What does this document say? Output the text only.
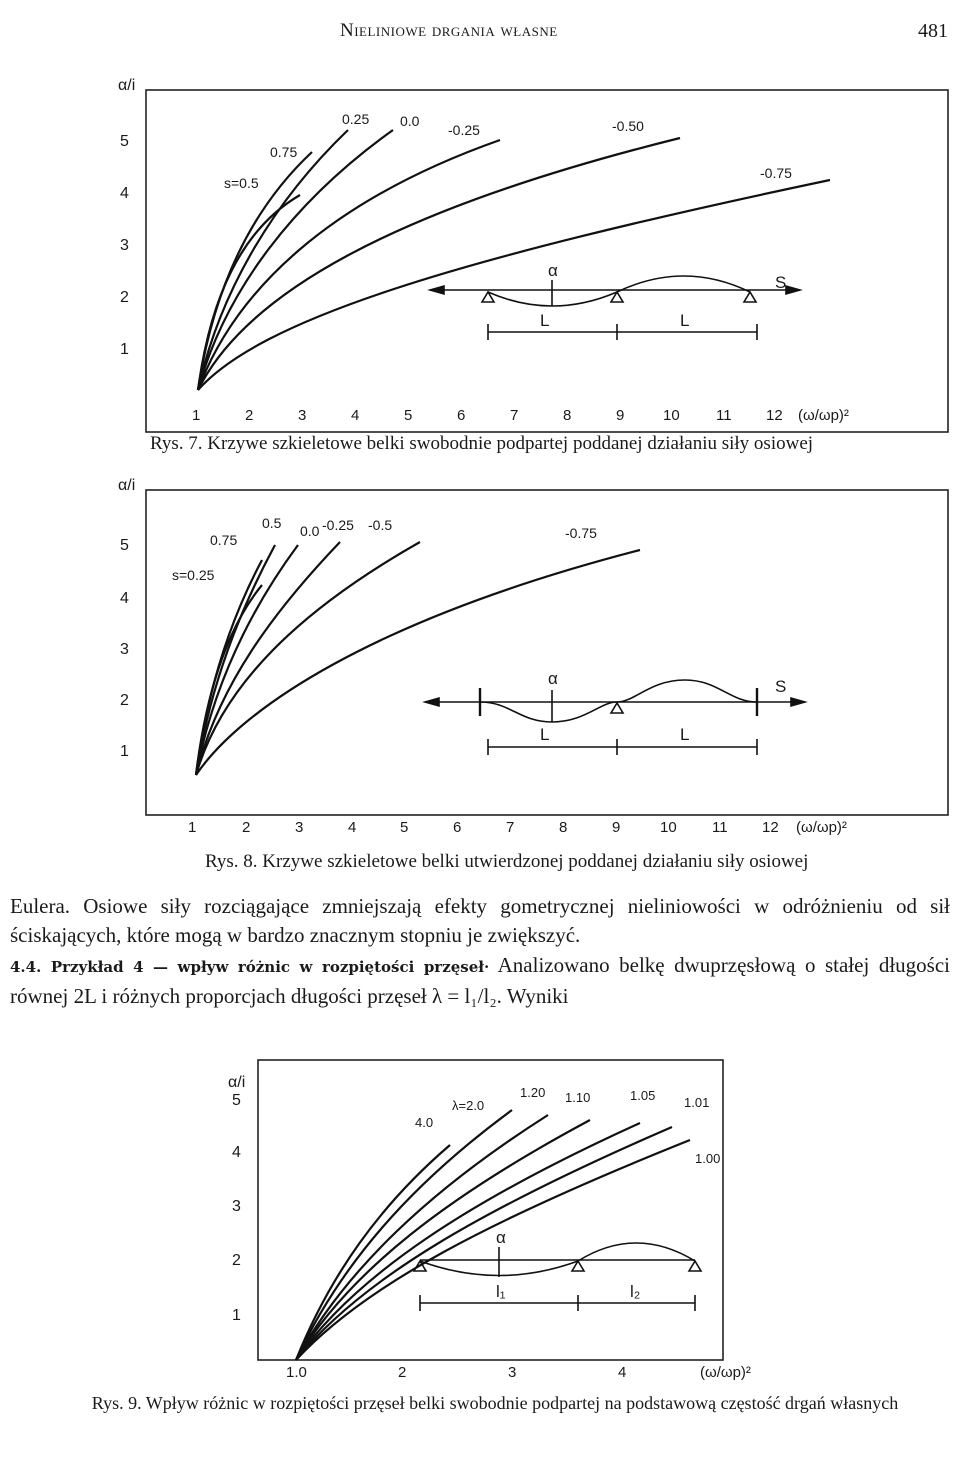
Nieliniowe drgania własne	481
s=0.5
0.75
0.25 0.0
-0.25	-0.50
-0.75
α/i
1
2
3
4
5
1	2	3	4	5	6	7	8	9	10 11 12 (ω/ωp)²
α
S
L	L
Rys. 7. Krzywe szkieletowe belki swobodnie podpartej poddanej działaniu siły osiowej
s=0.25
0.75
0.5 0.0 -0.25 -0.5	-0.75
α/i
1
2
3
4
5
1	2	3	4	5	6	7	8	9	10 11 12 (ω/ωp)²
α	S
L	L
Rys. 8. Krzywe szkieletowe belki utwierdzonej poddanej działaniu siły osiowej

Eulera. Osiowe siły rozciągające zmniejszają efekty gometrycznej nieliniowości w odróżnieniu od sił ściskających, które mogą w bardzo znacznym stopniu je zwiększyć.

4.4. Przykład 4 — wpływ różnic w rozpiętości przęseł· Analizowano belkę dwuprzęsłową o stałej długości równej 2L i różnych proporcjach długości przęseł λ = l₁/l₂. Wyniki

4.0
λ=2.0
1.20 1.10	1.05 1.01
1.00
α/i
1
2
3
4
5
1.0	2	3	4	(ω/ωp)²
α
l₁	l₂
Rys. 9. Wpływ różnic w rozpiętości przęseł belki swobodnie podpartej na podstawową częstość drgań własnych
